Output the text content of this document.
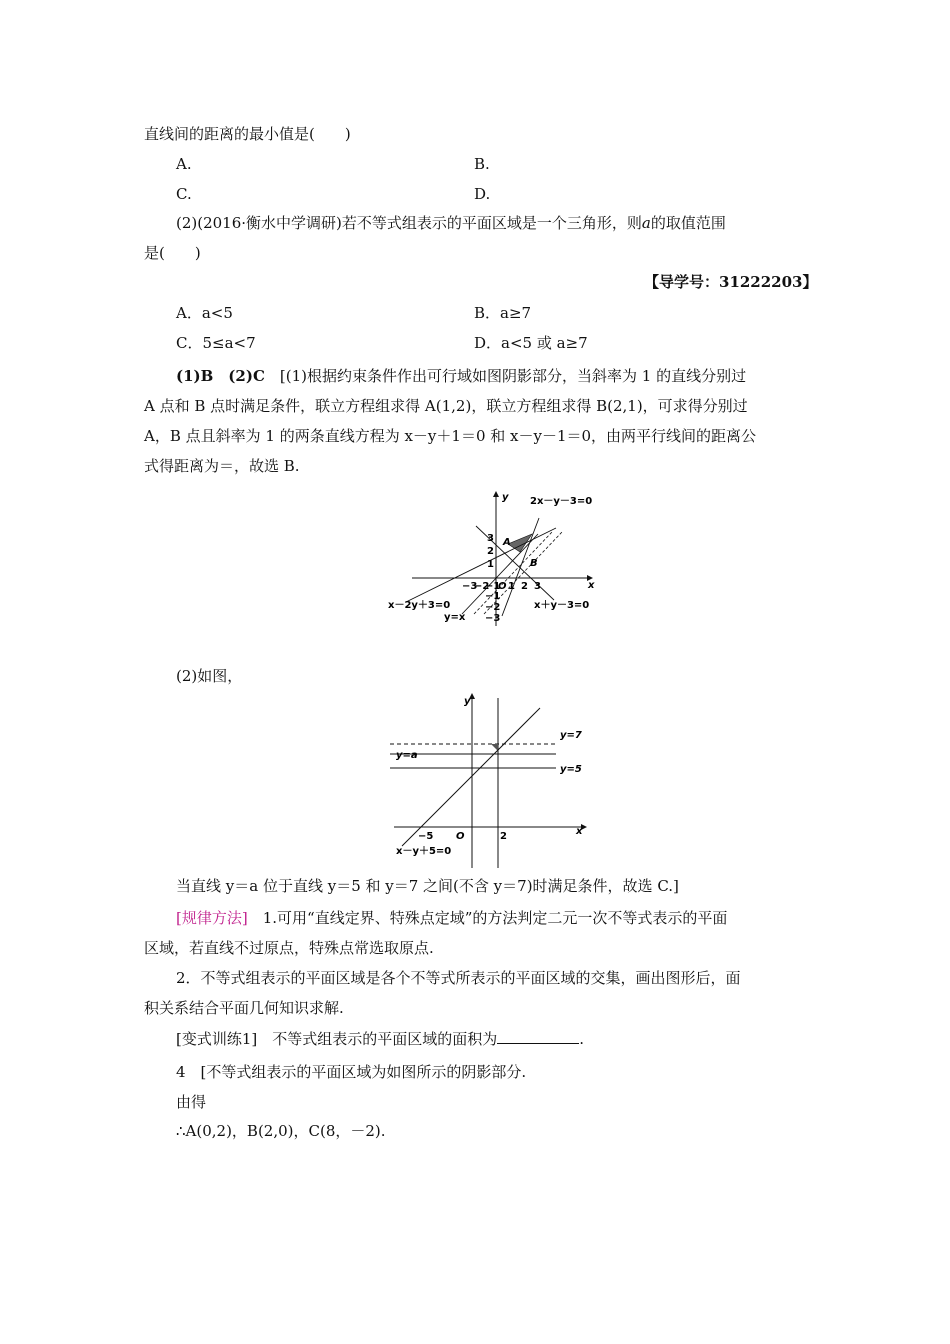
直线间的距离的最小值是(　　)
A.	B.
C.	D.
(2)(2016·衡水中学调研)若不等式组表示的平面区域是一个三角形，则a的取值范围
是(　　)
【导学号：31222203】
A．a<5	B．a≥7
C．5≤a<7	D．a<5 或 a≥7
(1)B　(2)C　 [(1)根据约束条件作出可行域如图阴影部分，当斜率为 1 的直线分别过
A 点和 B 点时满足条件，联立方程组求得 A(1,2)，联立方程组求得 B(2,1)，可求得分别过
A，B 点且斜率为 1 的两条直线方程为 x－y＋1＝0 和 x－y－1＝0，由两平行线间的距离公
式得距离为＝，故选 B.
y
x
2x－y－3=0
x－2y＋3=0
y=x
x＋y－3=0
A
B
O
−3
−2
−1 1 2 3
3
2
1
−1
−2
−3
(2)如图，
y
x
y=7
y=a
y=5
x－y＋5=0
−5 O	2
当直线 y＝a 位于直线 y＝5 和 y＝7 之间(不含 y＝7)时满足条件，故选 C.]
[规律方法]　 1.可用“直线定界、特殊点定域”的方法判定二元一次不等式表示的平面
区域，若直线不过原点，特殊点常选取原点.
2．不等式组表示的平面区域是各个不等式所表示的平面区域的交集，画出图形后，面
积关系结合平面几何知识求解.
[变式训练1]　不等式组表示的平面区域的面积为	.
4　[不等式组表示的平面区域为如图所示的阴影部分.
由得
∴A(0,2)，B(2,0)，C(8，－2).
